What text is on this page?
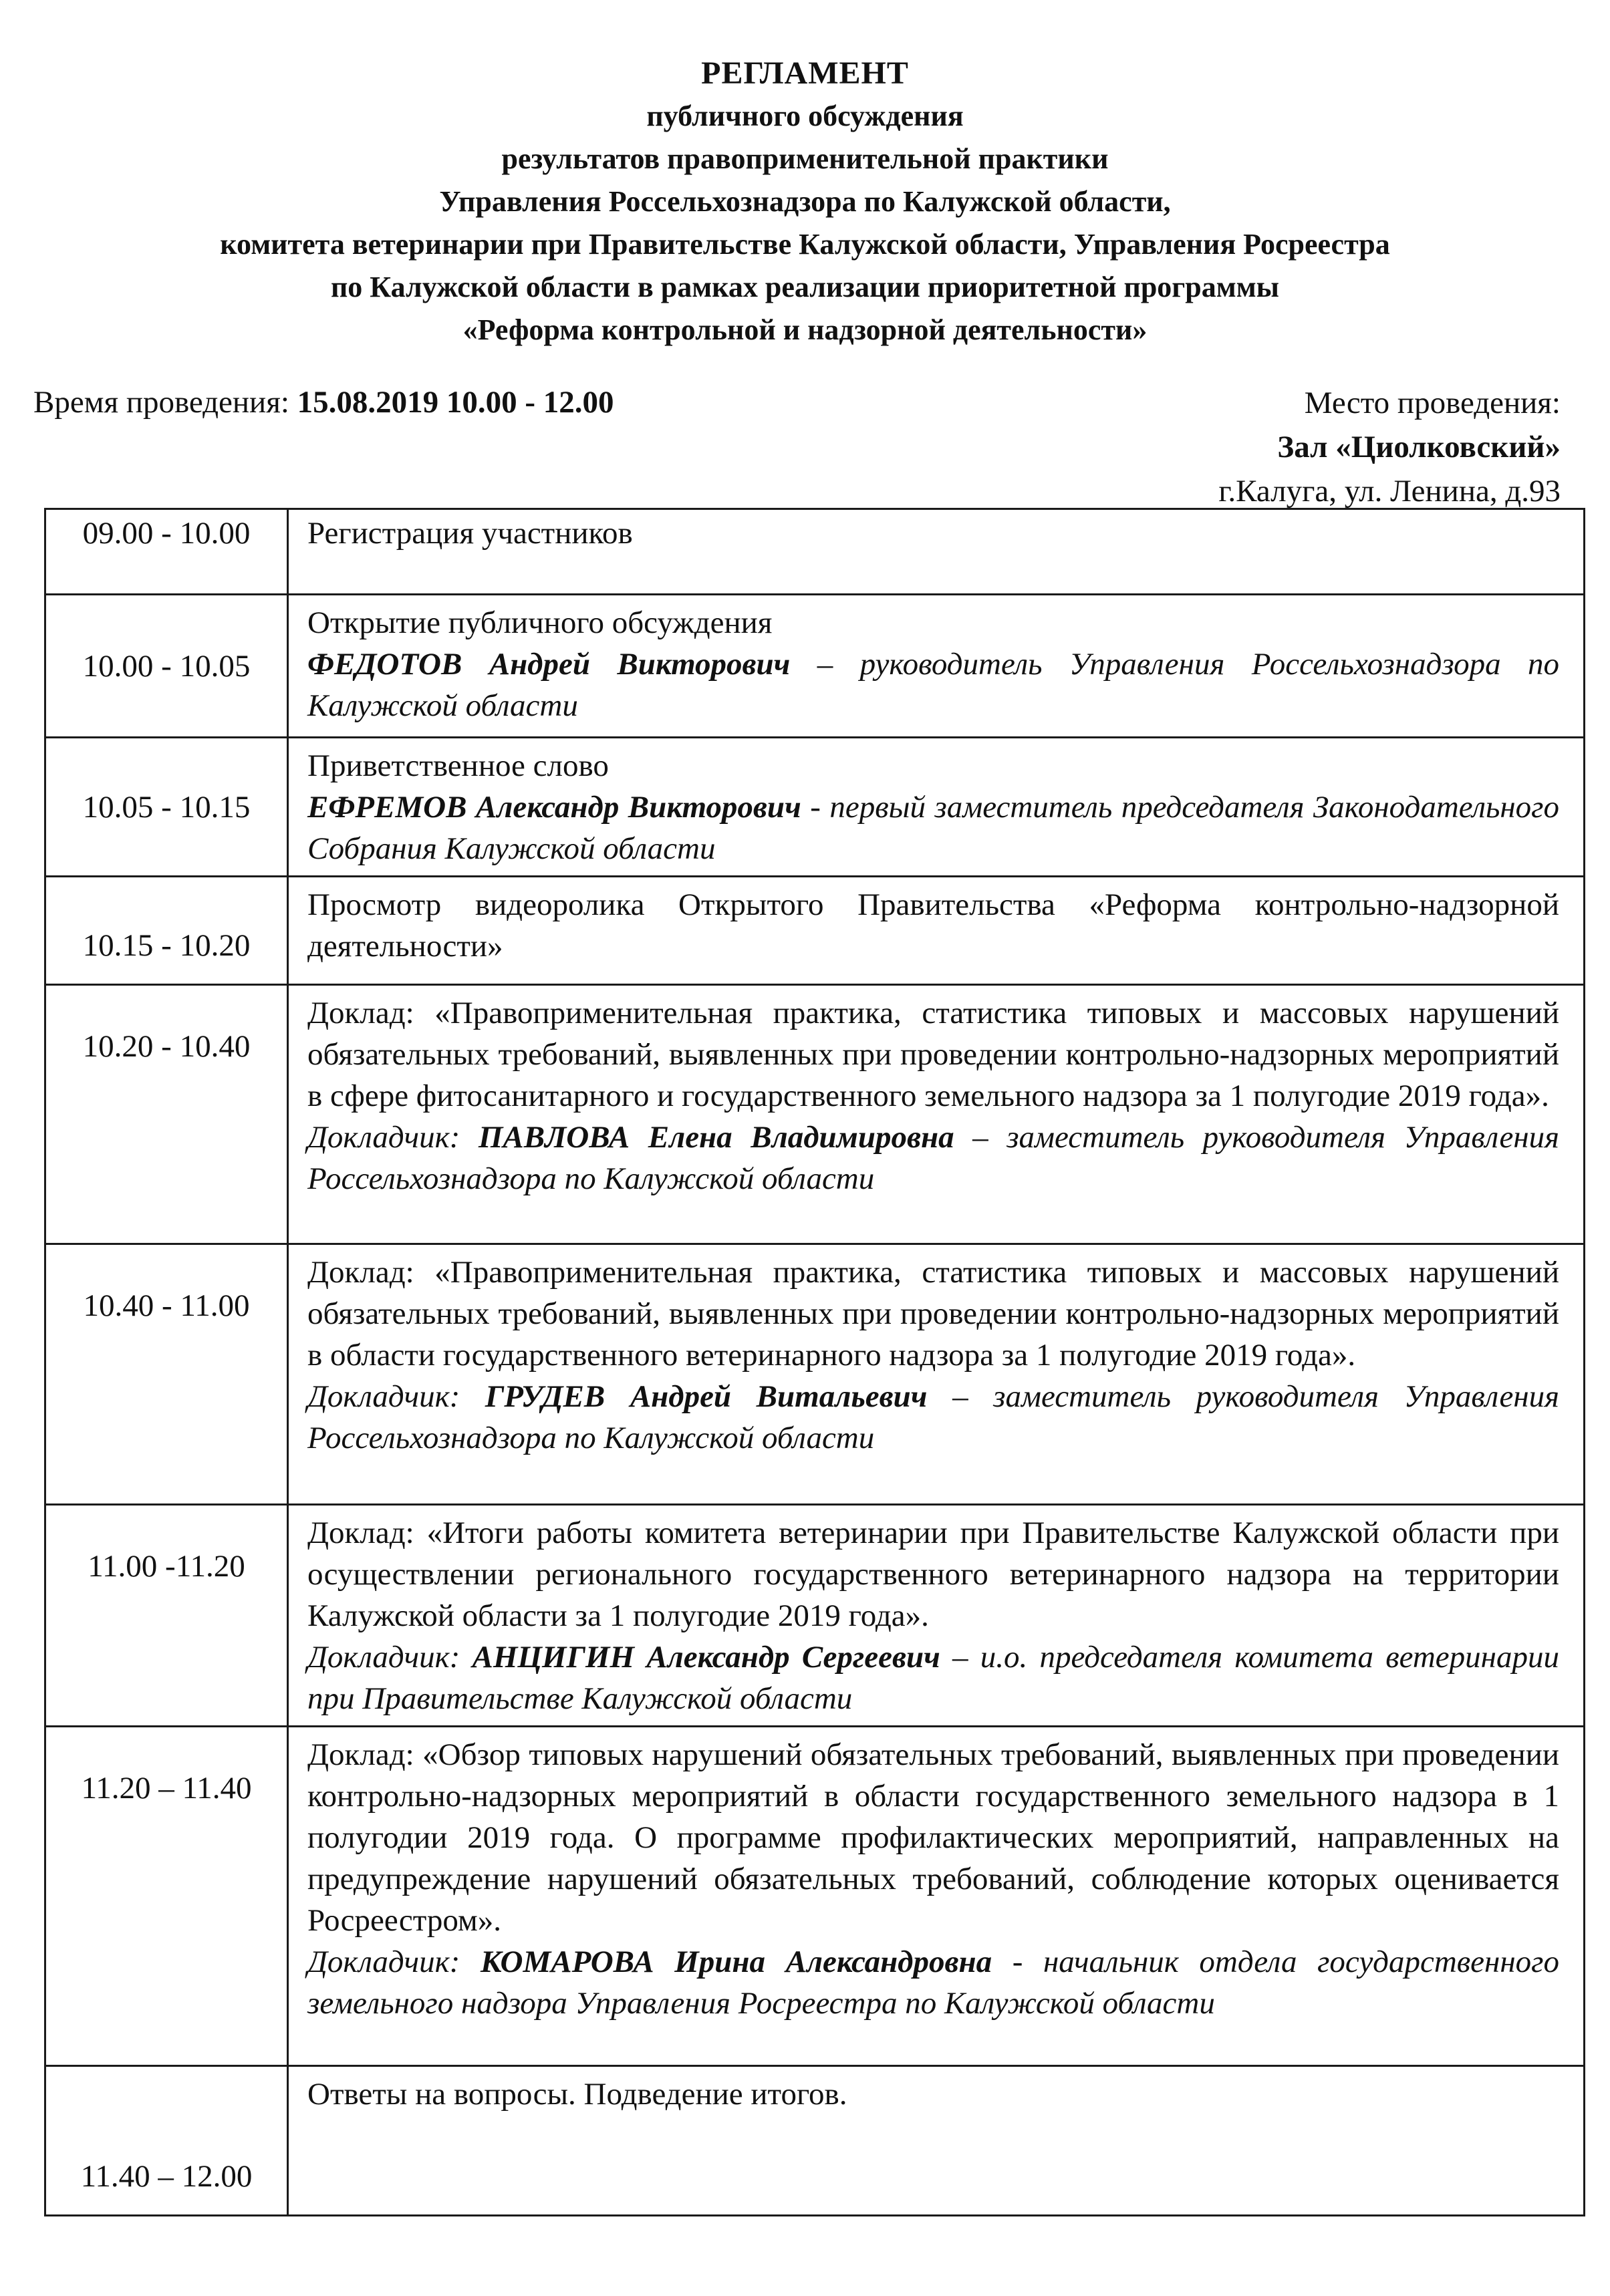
РЕГЛАМЕНТ
публичного обсуждения
результатов правоприменительной практики
Управления Россельхознадзора по Калужской области,
комитета ветеринарии при Правительстве Калужской области, Управления Росреестра
по Калужской области в рамках реализации приоритетной программы
«Реформа контрольной и надзорной деятельности»
Время проведения: 15.08.2019 10.00 - 12.00	Место проведения:
Зал «Циолковский»
г.Калуга, ул. Ленина, д.93
09.00 - 10.00	Регистрация участников

10.00 - 10.05	Открытие публичного обсуждения

ФЕДОТОВ Андрей Викторович – руководитель Управления Россельхознадзора по Калужской области

10.05 - 10.15	Приветственное слово

ЕФРЕМОВ Александр Викторович - первый заместитель председателя Законодательного Собрания Калужской области

10.15 - 10.20	Просмотр видеоролика Открытого Правительства «Реформа контрольно-надзорной деятельности»

10.20 - 10.40	Доклад: «Правоприменительная практика, статистика типовых и массовых нарушений обязательных требований, выявленных при проведении контрольно-надзорных мероприятий в сфере фитосанитарного и государственного земельного надзора за 1 полугодие 2019 года».

Докладчик: ПАВЛОВА Елена Владимировна – заместитель руководителя Управления Россельхознадзора по Калужской области

10.40 - 11.00	Доклад: «Правоприменительная практика, статистика типовых и массовых нарушений обязательных требований, выявленных при проведении контрольно-надзорных мероприятий в области государственного ветеринарного надзора за 1 полугодие 2019 года».

Докладчик: ГРУДЕВ Андрей Витальевич – заместитель руководителя Управления Россельхознадзора по Калужской области

11.00 -11.20	Доклад: «Итоги работы комитета ветеринарии при Правительстве Калужской области при осуществлении регионального государственного ветеринарного надзора на территории Калужской области за 1 полугодие 2019 года».

Докладчик: АНЦИГИН Александр Сергеевич – и.о. председателя комитета ветеринарии при Правительстве Калужской области

11.20 – 11.40	Доклад: «Обзор типовых нарушений обязательных требований, выявленных при проведении контрольно-надзорных мероприятий в области государственного земельного надзора в 1 полугодии 2019 года. О программе профилактических мероприятий, направленных на предупреждение нарушений обязательных требований, соблюдение которых оценивается Росреестром».

Докладчик: КОМАРОВА Ирина Александровна - начальник отдела государственного земельного надзора Управления Росреестра по Калужской области

11.40 – 12.00	Ответы на вопросы. Подведение итогов.
